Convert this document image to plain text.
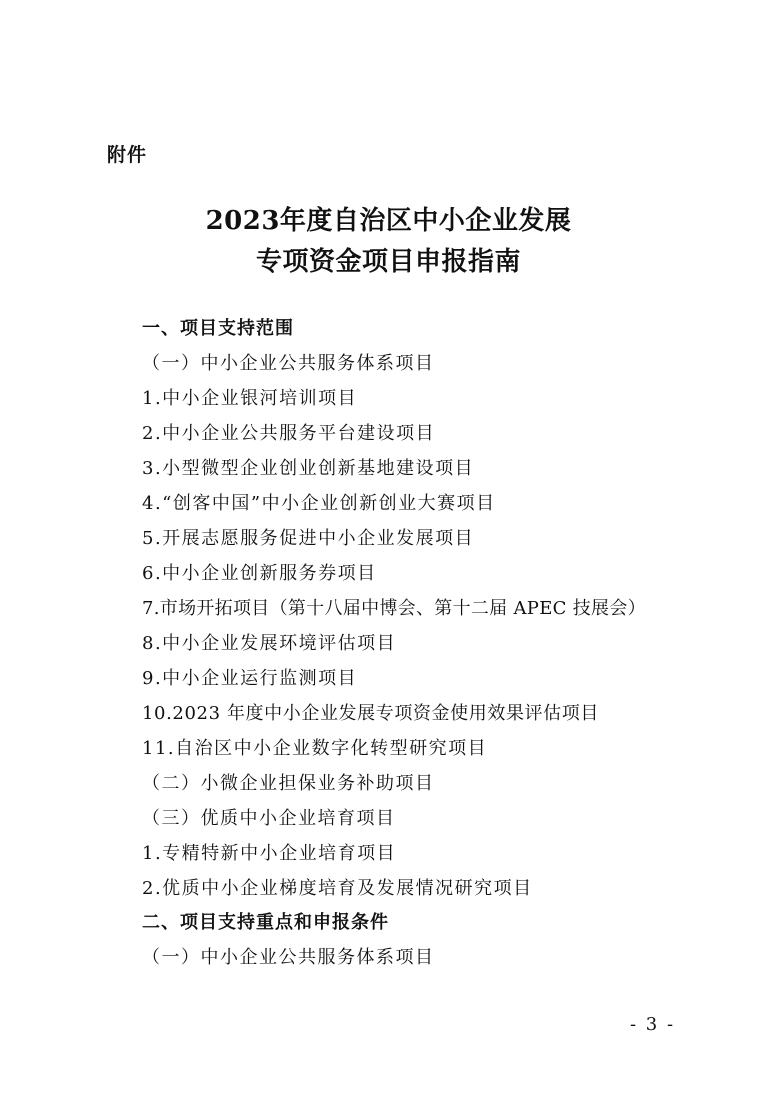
附件
2023年度自治区中小企业发展
专项资金项目申报指南
一、项目支持范围
（一）中小企业公共服务体系项目
1.中小企业银河培训项目
2.中小企业公共服务平台建设项目
3.小型微型企业创业创新基地建设项目
4.“创客中国”中小企业创新创业大赛项目
5.开展志愿服务促进中小企业发展项目
6.中小企业创新服务券项目
7.市场开拓项目（第十八届中博会、第十二届 APEC 技展会）
8.中小企业发展环境评估项目
9.中小企业运行监测项目
10.2023 年度中小企业发展专项资金使用效果评估项目
11.自治区中小企业数字化转型研究项目
（二）小微企业担保业务补助项目
（三）优质中小企业培育项目
1.专精特新中小企业培育项目
2.优质中小企业梯度培育及发展情况研究项目
二、项目支持重点和申报条件
（一）中小企业公共服务体系项目
- 3 -
